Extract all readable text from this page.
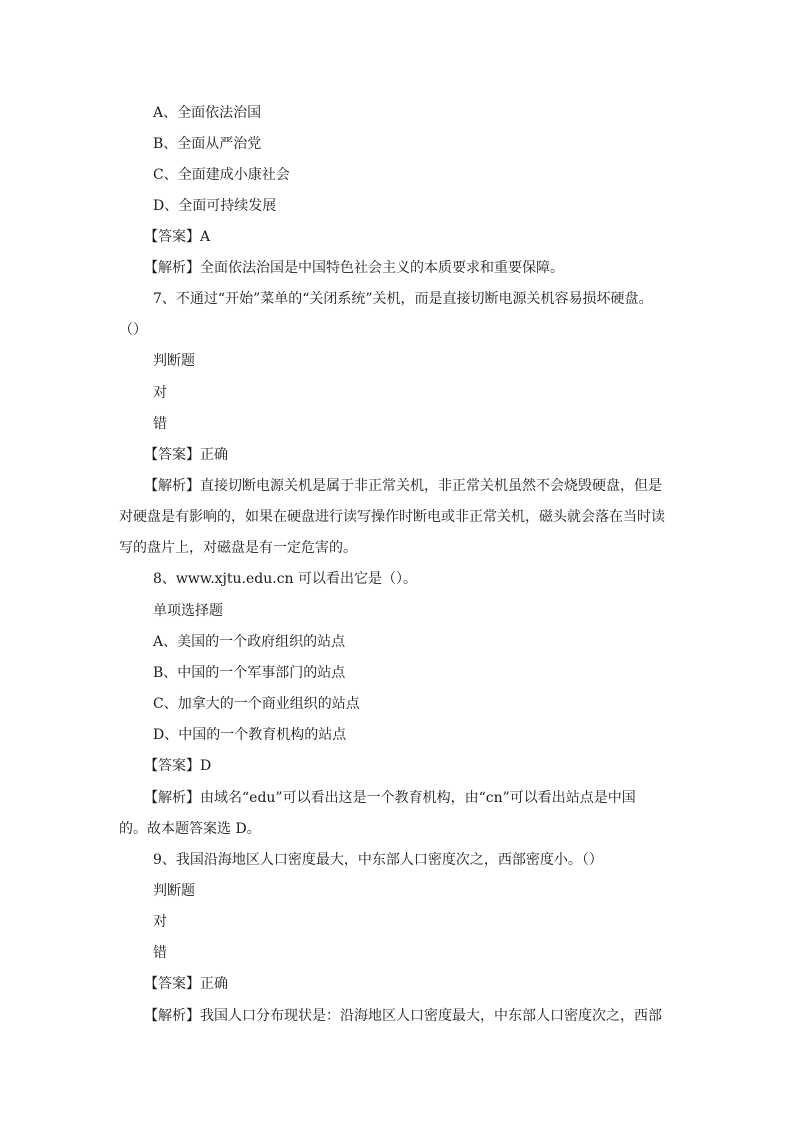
A、全面依法治国
B、全面从严治党
C、全面建成小康社会
D、全面可持续发展
【答案】A
【解析】全面依法治国是中国特色社会主义的本质要求和重要保障。
7、不通过“开始”菜单的“关闭系统”关机，而是直接切断电源关机容易损坏硬盘。
（）
判断题
对
错
【答案】正确
【解析】直接切断电源关机是属于非正常关机，非正常关机虽然不会烧毁硬盘，但是
对硬盘是有影响的，如果在硬盘进行读写操作时断电或非正常关机，磁头就会落在当时读
写的盘片上，对磁盘是有一定危害的。
8、www.xjtu.edu.cn 可以看出它是（）。
单项选择题
A、美国的一个政府组织的站点
B、中国的一个军事部门的站点
C、加拿大的一个商业组织的站点
D、中国的一个教育机构的站点
【答案】D
【解析】由域名“edu”可以看出这是一个教育机构，由“cn”可以看出站点是中国
的。故本题答案选 D。
9、我国沿海地区人口密度最大，中东部人口密度次之，西部密度小。（）
判断题
对
错
【答案】正确
【解析】我国人口分布现状是：沿海地区人口密度最大，中东部人口密度次之，西部
